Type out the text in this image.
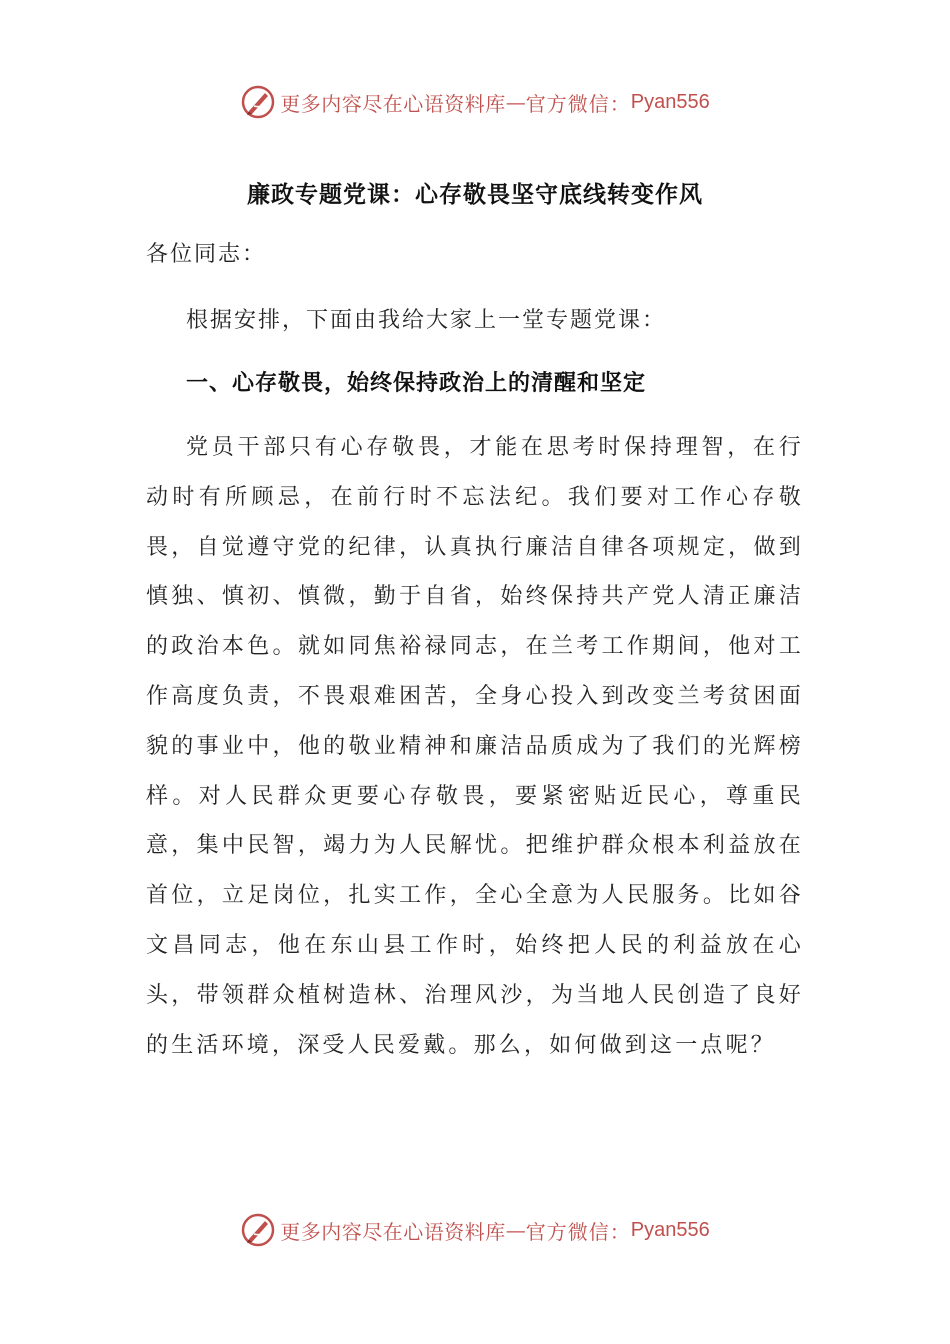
更多内容尽在心语资料库 — 官方微信： Pyan556
廉政专题党课：心存敬畏坚守底线转变作风
各位同志：
根据安排，下面由我给大家上一堂专题党课：
一、心存敬畏，始终保持政治上的清醒和坚定

党员干部只有心存敬畏，才能在思考时保持理智，在行动时有所顾忌，在前行时不忘法纪。我们要对工作心存敬畏，自觉遵守党的纪律，认真执行廉洁自律各项规定，做到慎独、慎初、慎微，勤于自省，始终保持共产党人清正廉洁的政治本色。就如同焦裕禄同志，在兰考工作期间，他对工作高度负责，不畏艰难困苦，全身心投入到改变兰考贫困面貌的事业中，他的敬业精神和廉洁品质成为了我们的光辉榜样。对人民群众更要心存敬畏，要紧密贴近民心，尊重民意，集中民智，竭力为人民解忧。把维护群众根本利益放在首位，立足岗位，扎实工作，全心全意为人民服务。比如谷文昌同志，他在东山县工作时，始终把人民的利益放在心头，带领群众植树造林、治理风沙，为当地人民创造了良好的生活环境，深受人民爱戴。那么，如何做到这一点呢？

更多内容尽在心语资料库 — 官方微信： Pyan556
